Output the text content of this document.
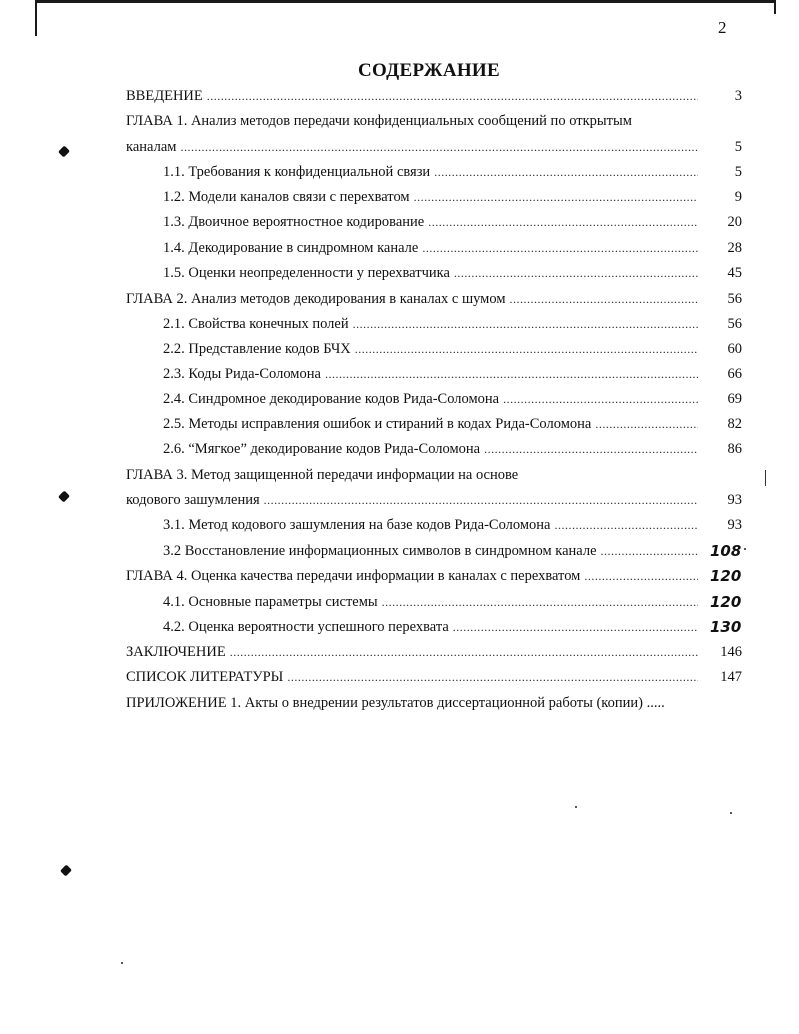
2
СОДЕРЖАНИЕ
ВВЕДЕНИЕ .....	3
ГЛАВА 1. Анализ методов передачи конфиденциальных сообщений по открытым
каналам .....	5
1.1. Требования к конфиденциальной связи .....	5
1.2. Модели каналов связи с перехватом .....	9
1.3. Двоичное вероятностное кодирование .....	20
1.4. Декодирование в синдромном канале .....	28
1.5. Оценки неопределенности у перехватчика .....	45
ГЛАВА 2. Анализ методов декодирования в каналах с шумом .....	56
2.1. Свойства конечных полей .....	56
2.2. Представление кодов БЧХ .....	60
2.3. Коды Рида-Соломона .....	66
2.4. Синдромное декодирование кодов Рида-Соломона .....	69
2.5. Методы исправления ошибок и стираний в кодах Рида-Соломона .....	82
2.6. “Мягкое” декодирование кодов Рида-Соломона .....	86
ГЛАВА 3. Метод защищенной передачи информации на основе
кодового зашумления .....	93
3.1. Метод кодового зашумления на базе кодов Рида-Соломона .....	93
3.2 Восстановление информационных символов в синдромном канале .....	108
ГЛАВА 4. Оценка качества передачи информации в каналах с перехватом .....	120
4.1. Основные параметры системы .....	120
4.2. Оценка вероятности успешного перехвата .....	130
ЗАКЛЮЧЕНИЕ .....	146
СПИСОК ЛИТЕРАТУРЫ .....	147
ПРИЛОЖЕНИЕ 1. Акты о внедрении результатов диссертационной работы (копии) .....
